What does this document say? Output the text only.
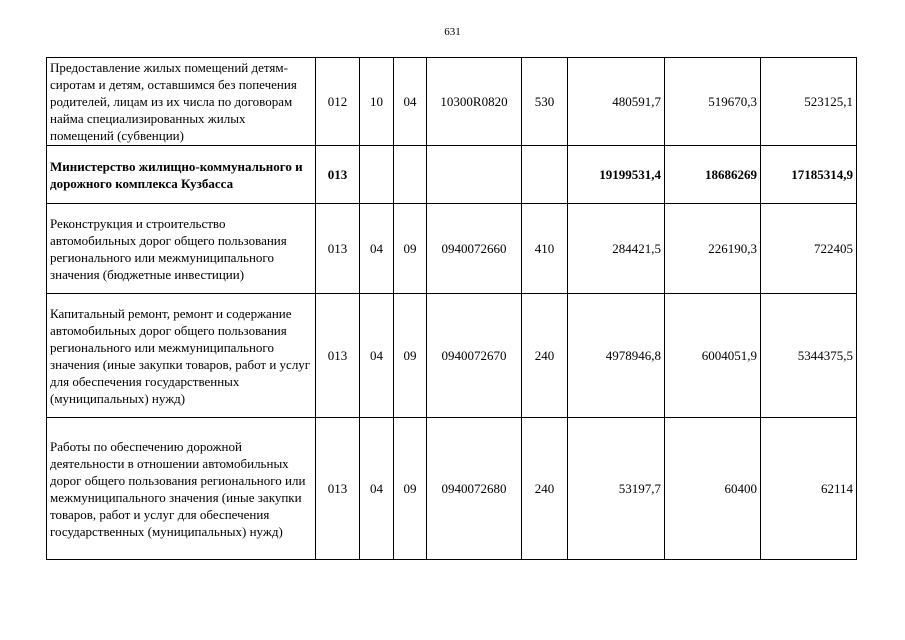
631
Предоставление жилых помещений детям-сиротам и детям, оставшимся без попечения родителей, лицам из их числа по договорам найма специализированных жилых помещений (субвенции)	012	10	04	10300R0820	530	480591,7	519670,3	523125,1
Министерство жилищно-коммунального и дорожного комплекса Кузбасса	013					19199531,4	18686269	17185314,9
Реконструкция и строительство автомобильных дорог общего пользования регионального или межмуниципального значения (бюджетные инвестиции)	013	04	09	0940072660	410	284421,5	226190,3	722405
Капитальный ремонт, ремонт и содержание автомобильных дорог общего пользования регионального или межмуниципального значения (иные закупки товаров, работ и услуг для обеспечения государственных (муниципальных) нужд)	013	04	09	0940072670	240	4978946,8	6004051,9	5344375,5
Работы по обеспечению дорожной деятельности в отношении автомобильных дорог общего пользования регионального или межмуниципального значения (иные закупки товаров, работ и услуг для обеспечения государственных (муниципальных) нужд)	013	04	09	0940072680	240	53197,7	60400	62114
